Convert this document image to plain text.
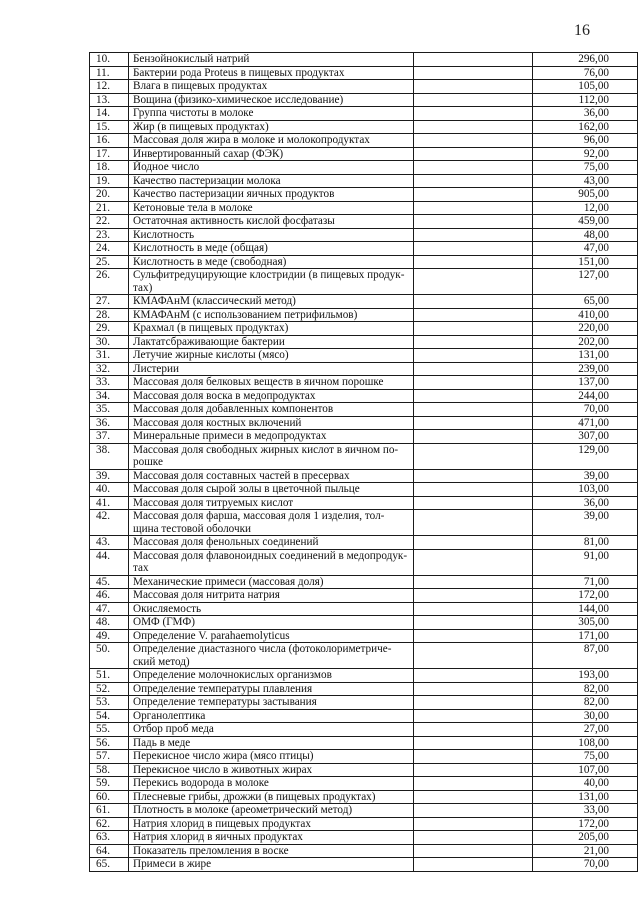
16
10.	Бензойнокислый натрий		296,00
11.	Бактерии рода Proteus в пищевых продуктах		76,00
12.	Влага в пищевых продуктах		105,00
13.	Вощина (физико-химическое исследование)		112,00
14.	Группа чистоты в молоке		36,00
15.	Жир (в пищевых продуктах)		162,00
16.	Массовая доля жира в молоке и молокопродуктах		96,00
17.	Инвертированный сахар (ФЭК)		92,00
18.	Йодное число		75,00
19.	Качество пастеризации молока		43,00
20.	Качество пастеризации яичных продуктов		905,00
21.	Кетоновые тела в молоке		12,00
22.	Остаточная активность кислой фосфатазы		459,00
23.	Кислотность		48,00
24.	Кислотность в меде (общая)		47,00
25.	Кислотность в меде (свободная)		151,00
26.	Сульфитредуцирующие клостридии (в пищевых продук-тах)		127,00
27.	КМАФАнМ (классический метод)		65,00
28.	КМАФАнМ (с использованием петрифильмов)		410,00
29.	Крахмал (в пищевых продуктах)		220,00
30.	Лактатсбраживающие бактерии		202,00
31.	Летучие жирные кислоты (мясо)		131,00
32.	Листерии		239,00
33.	Массовая доля белковых веществ в яичном порошке		137,00
34.	Массовая доля воска в медопродуктах		244,00
35.	Массовая доля добавленных компонентов		70,00
36.	Массовая доля костных включений		471,00
37.	Минеральные примеси в медопродуктах		307,00
38.	Массовая доля свободных жирных кислот в яичном по-рошке		129,00
39.	Массовая доля составных частей в пресервах		39,00
40.	Массовая доля сырой золы в цветочной пыльце		103,00
41.	Массовая доля титруемых кислот		36,00
42.	Массовая доля фарша, массовая доля 1 изделия, тол-щина тестовой оболочки		39,00
43.	Массовая доля фенольных соединений		81,00
44.	Массовая доля флавоноидных соединений в медопродук-тах		91,00
45.	Механические примеси (массовая доля)		71,00
46.	Массовая доля нитрита натрия		172,00
47.	Окисляемость		144,00
48.	ОМФ (ГМФ)		305,00
49.	Определение V. parahaemolyticus		171,00
50.	Определение диастазного числа (фотоколориметриче-ский метод)		87,00
51.	Определение молочнокислых организмов		193,00
52.	Определение температуры плавления		82,00
53.	Определение температуры застывания		82,00
54.	Органолептика		30,00
55.	Отбор проб меда		27,00
56.	Падь в меде		108,00
57.	Перекисное число жира (мясо птицы)		75,00
58.	Перекисное число в животных жирах		107,00
59.	Перекись водорода в молоке		40,00
60.	Плесневые грибы, дрожжи (в пищевых продуктах)		131,00
61.	Плотность в молоке (ареометрический метод)		33,00
62.	Натрия хлорид в пищевых продуктах		172,00
63.	Натрия хлорид в яичных продуктах		205,00
64.	Показатель преломления в воске		21,00
65.	Примеси в жире		70,00
